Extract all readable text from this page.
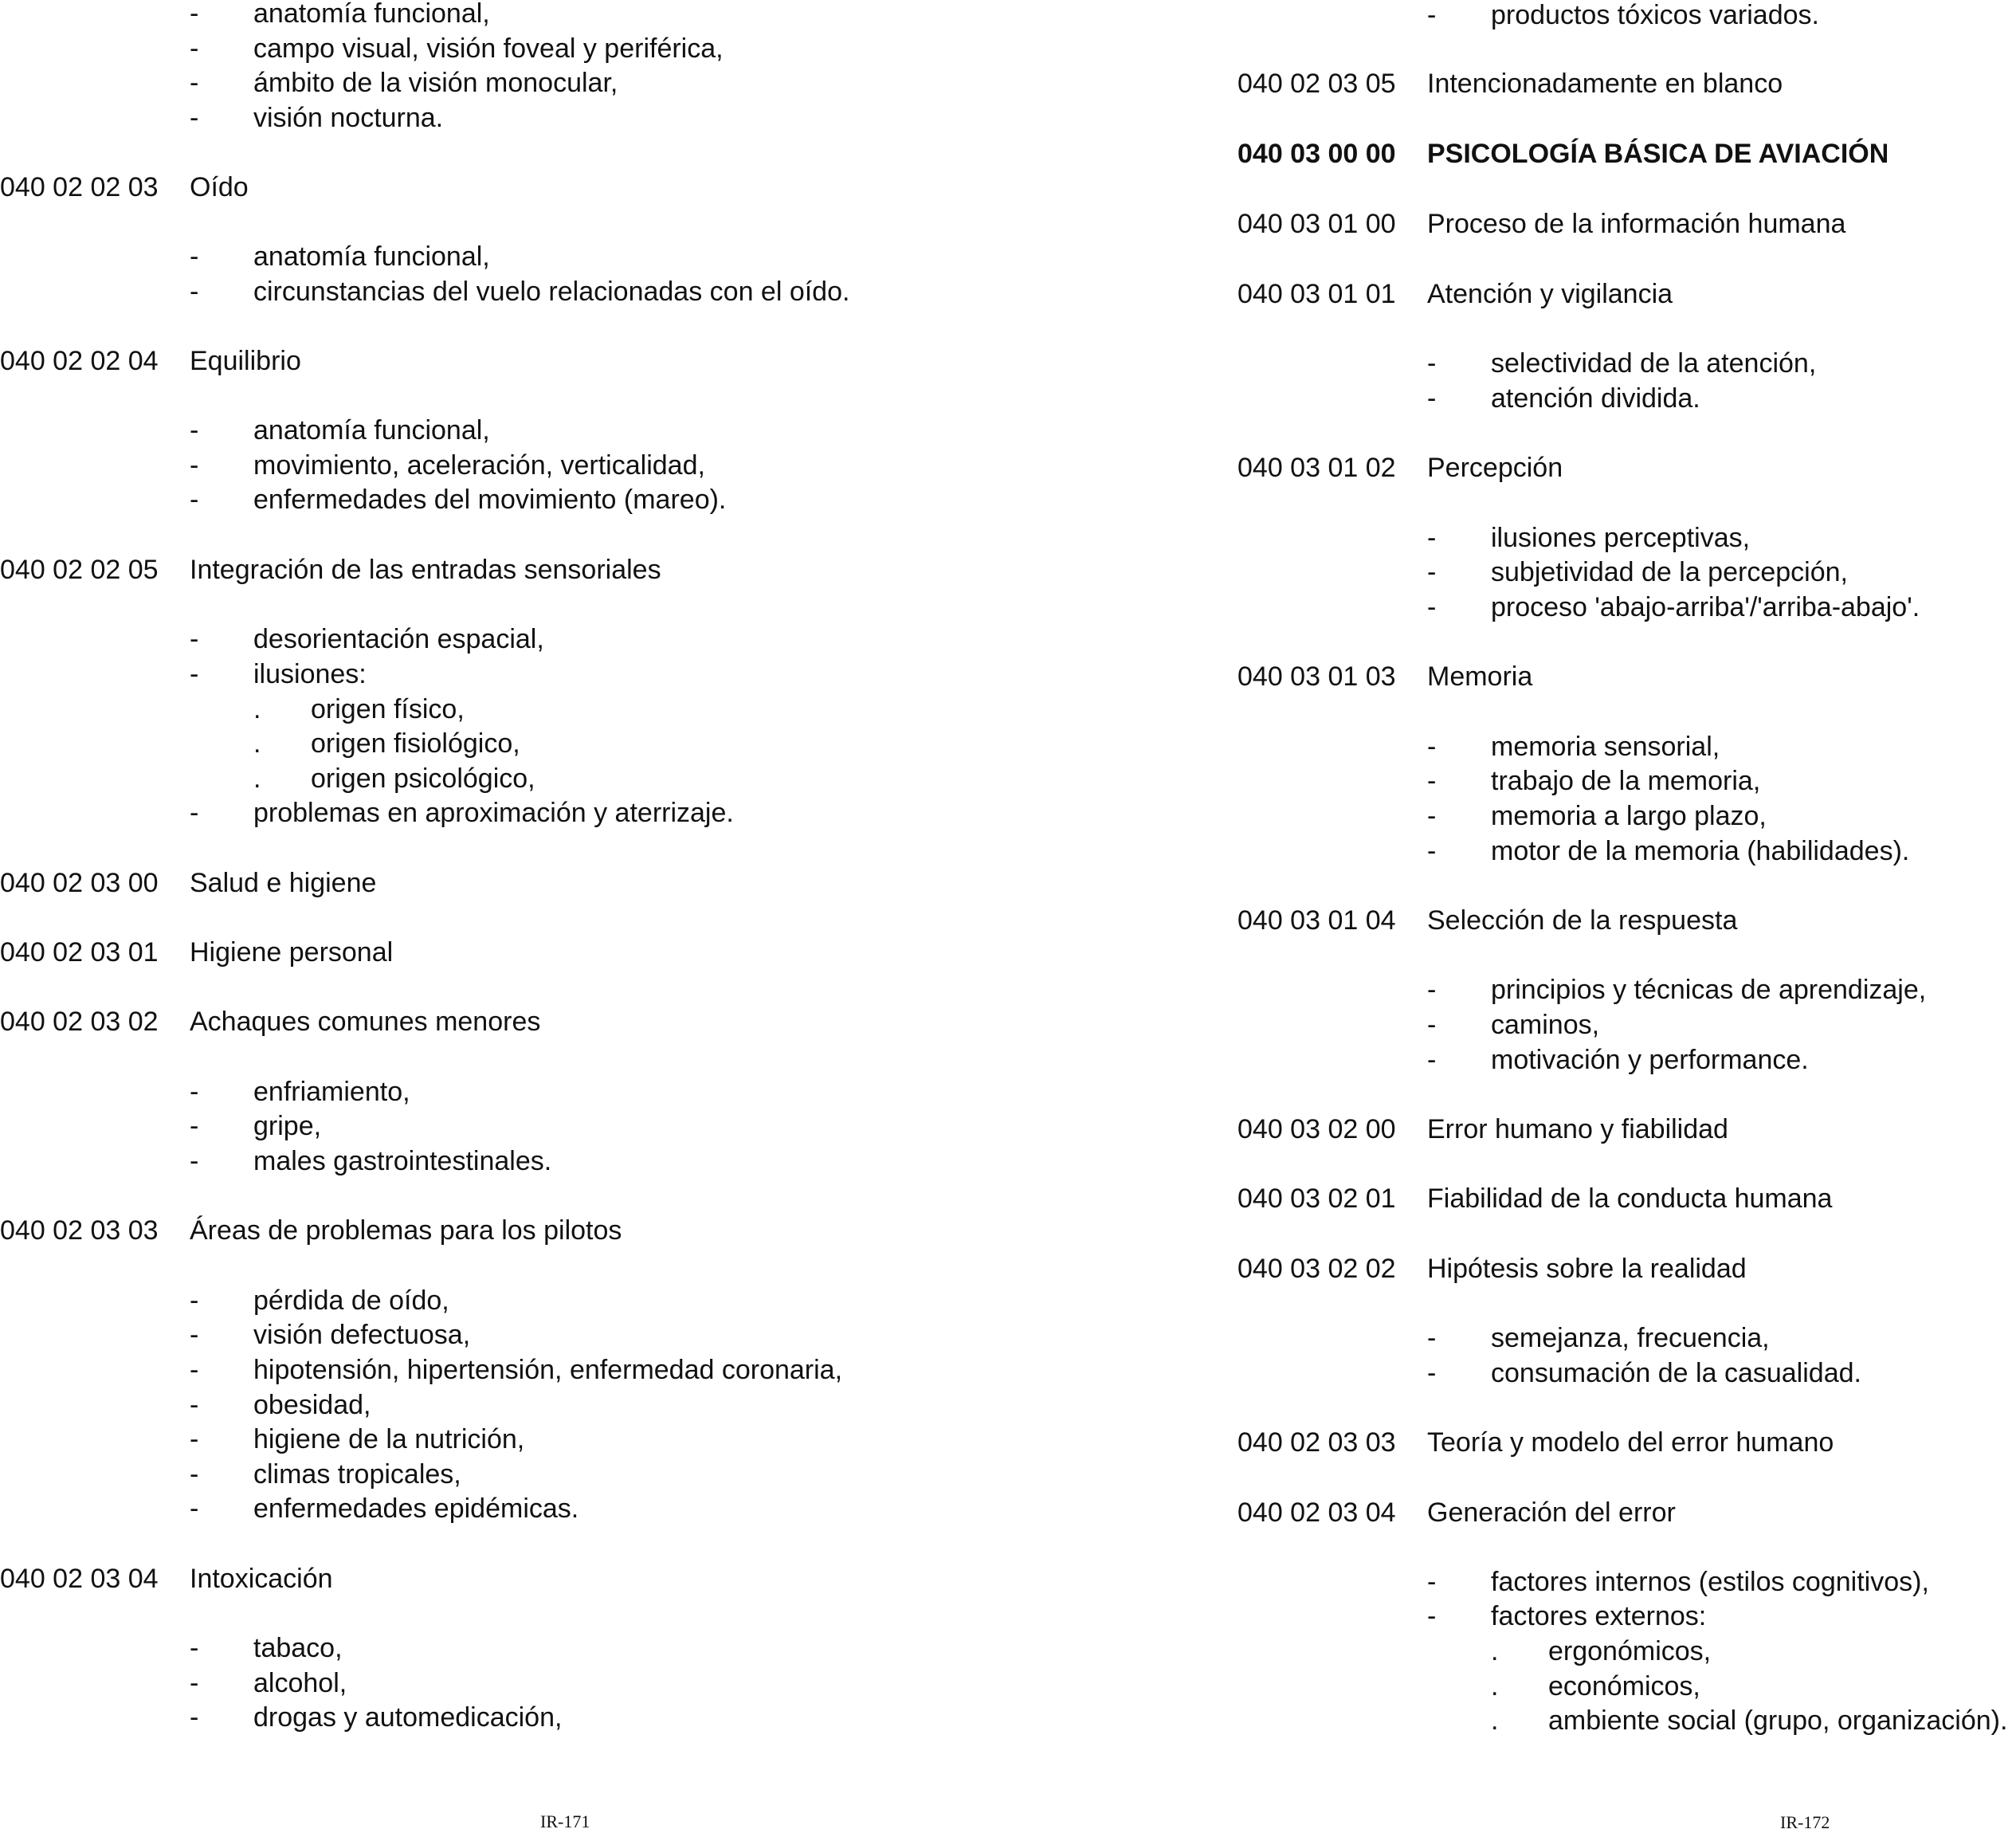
- anatomía funcional,
- campo visual, visión foveal y periférica,
- ámbito de la visión monocular,
- visión nocturna.
040 02 02 03 Oído
- anatomía funcional,
- circunstancias del vuelo relacionadas con el oído.
040 02 02 04 Equilibrio
- anatomía funcional,
- movimiento, aceleración, verticalidad,
- enfermedades del movimiento (mareo).
040 02 02 05 Integración de las entradas sensoriales
- desorientación espacial,
- ilusiones:
. origen físico,
. origen fisiológico,
. origen psicológico,
- problemas en aproximación y aterrizaje.
040 02 03 00 Salud e higiene
040 02 03 01 Higiene personal
040 02 03 02 Achaques comunes menores
- enfriamiento,
- gripe,
- males gastrointestinales.
040 02 03 03 Áreas de problemas para los pilotos
- pérdida de oído,
- visión defectuosa,
- hipotensión, hipertensión, enfermedad coronaria,
- obesidad,
- higiene de la nutrición,
- climas tropicales,
- enfermedades epidémicas.
040 02 03 04 Intoxicación
- tabaco,
- alcohol,
- drogas y automedicación,
IR-171
- productos tóxicos variados.
040 02 03 05 Intencionadamente en blanco
040 03 00 00 PSICOLOGÍA BÁSICA DE AVIACIÓN
040 03 01 00 Proceso de la información humana
040 03 01 01 Atención y vigilancia
- selectividad de la atención,
- atención dividida.
040 03 01 02 Percepción
- ilusiones perceptivas,
- subjetividad de la percepción,
- proceso 'abajo-arriba'/'arriba-abajo'.
040 03 01 03 Memoria
- memoria sensorial,
- trabajo de la memoria,
- memoria a largo plazo,
- motor de la memoria (habilidades).
040 03 01 04 Selección de la respuesta
- principios y técnicas de aprendizaje,
- caminos,
- motivación y performance.
040 03 02 00 Error humano y fiabilidad
040 03 02 01 Fiabilidad de la conducta humana
040 03 02 02 Hipótesis sobre la realidad
- semejanza, frecuencia,
- consumación de la casualidad.
040 02 03 03 Teoría y modelo del error humano
040 02 03 04 Generación del error
- factores internos (estilos cognitivos),
- factores externos:
. ergonómicos,
. económicos,
. ambiente social (grupo, organización).
IR-172
